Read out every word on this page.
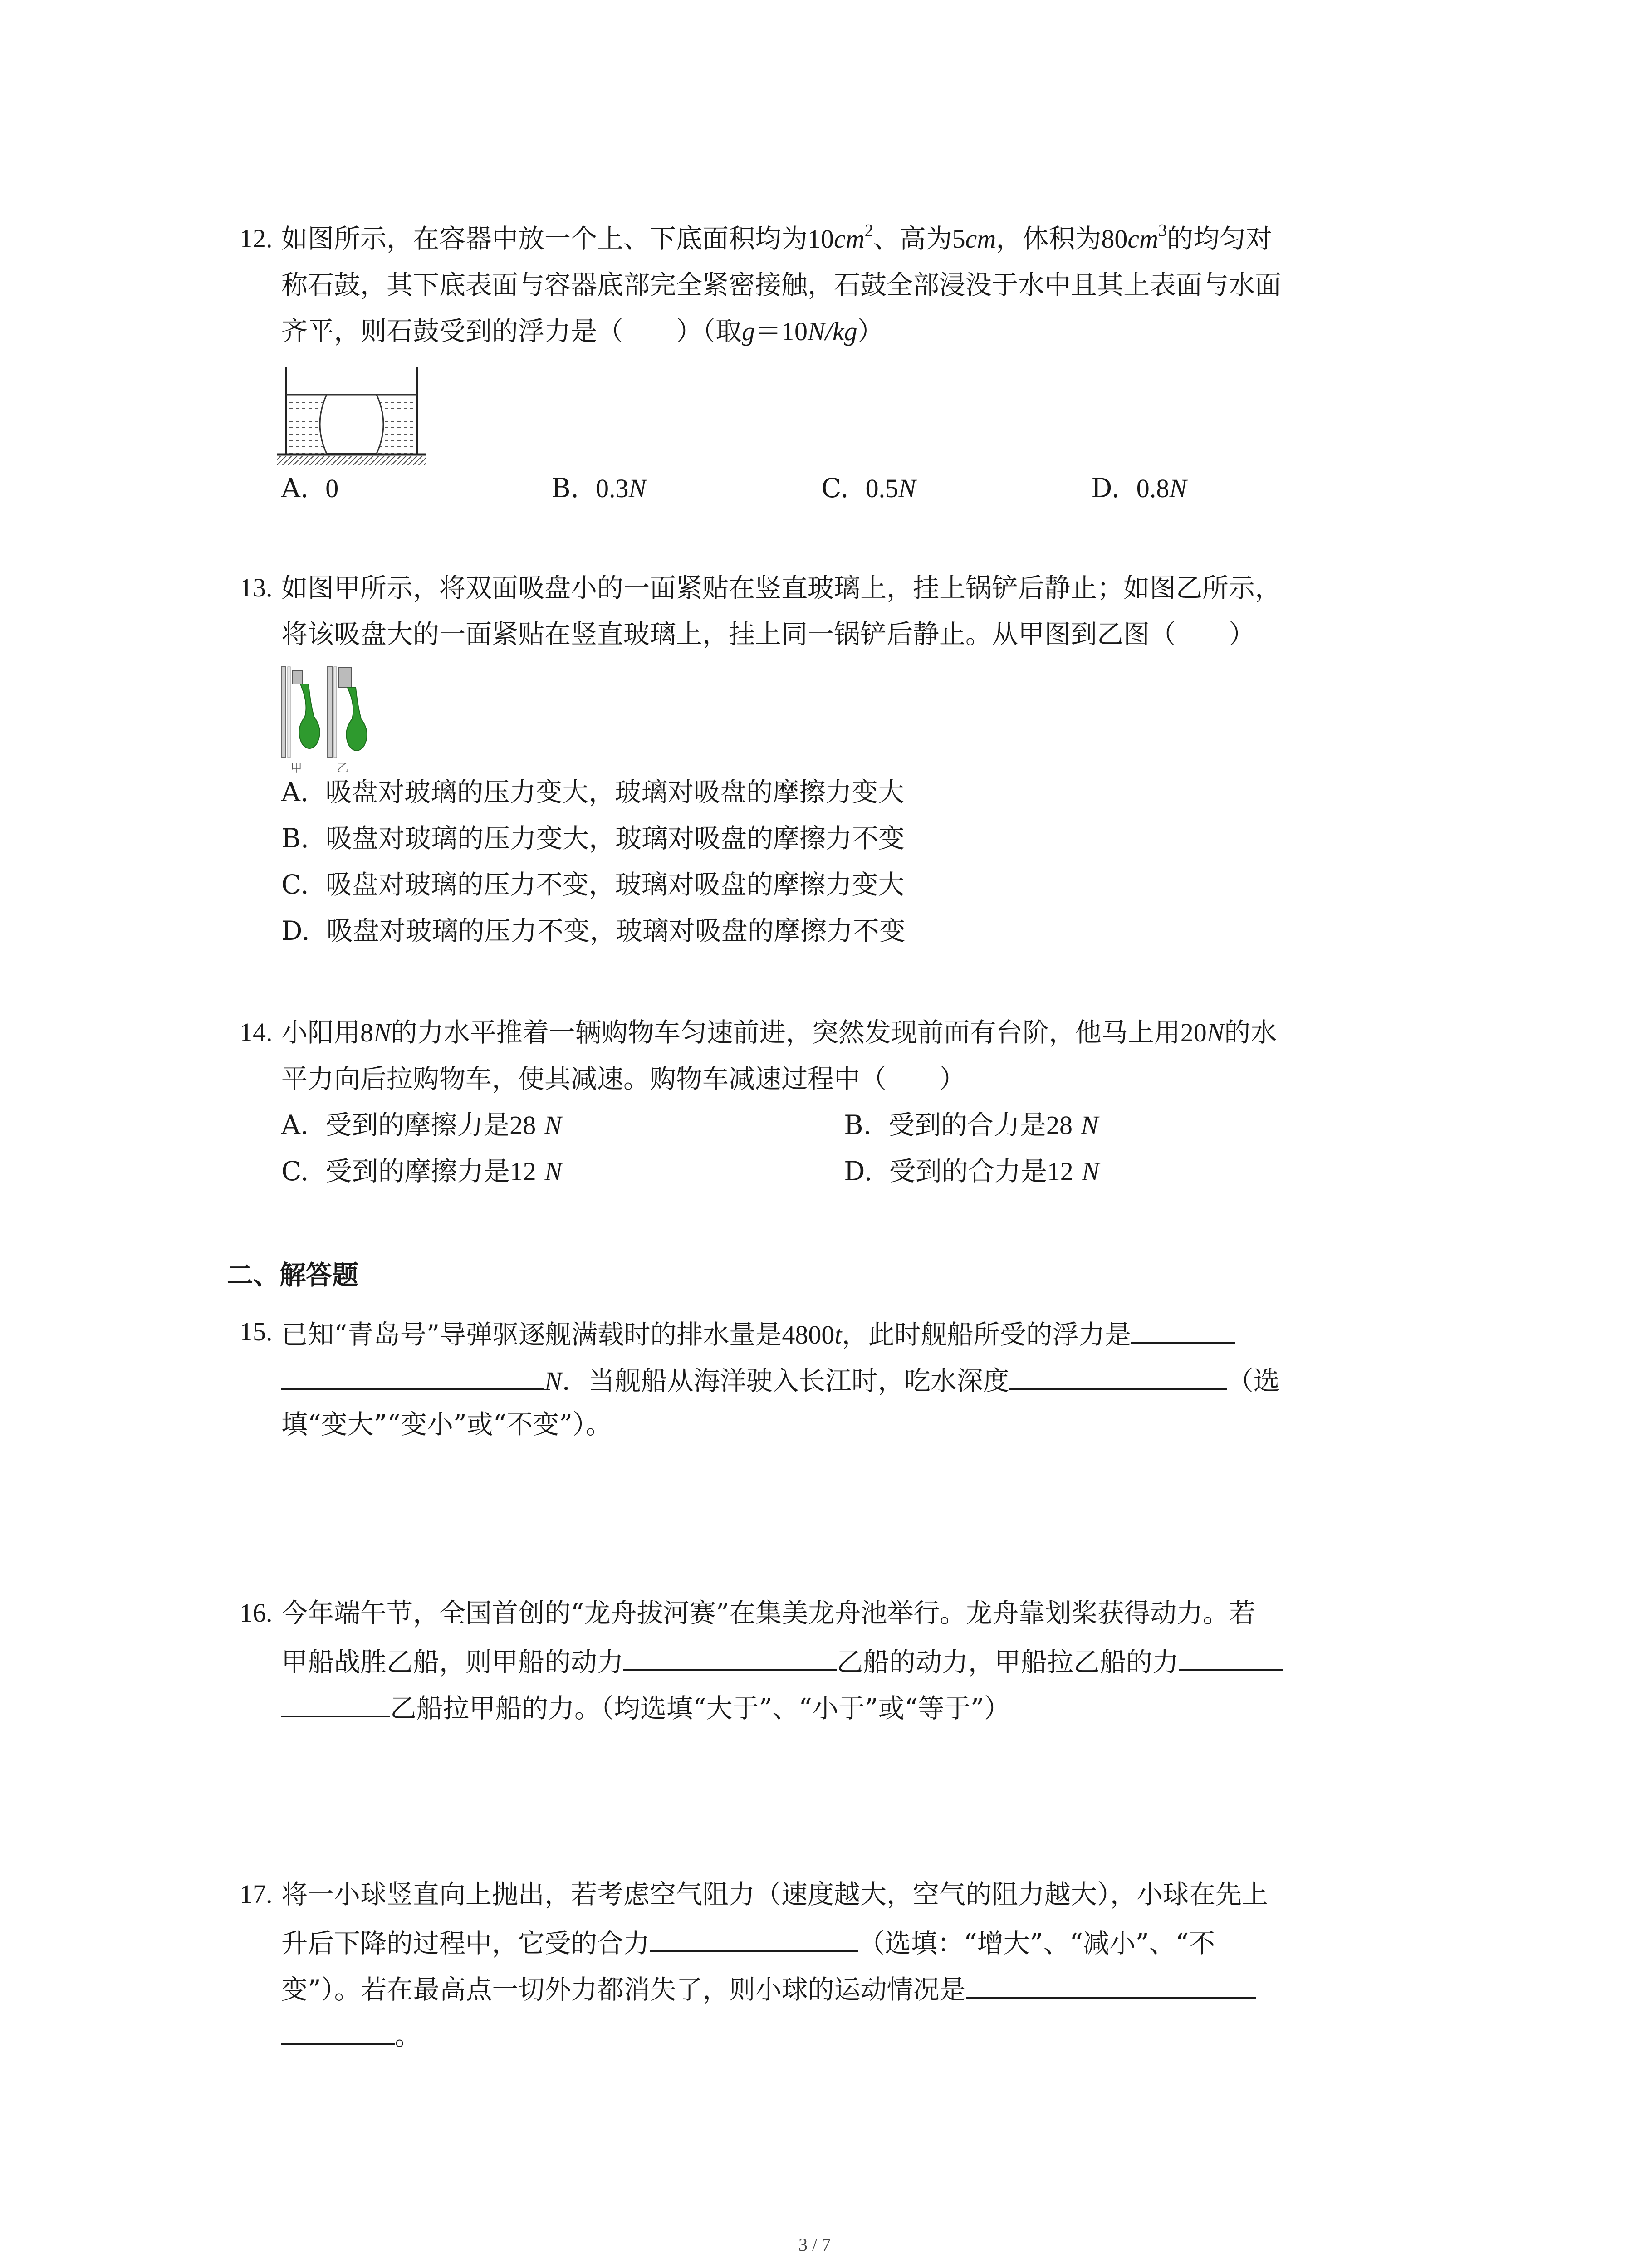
12. 如图所示，在容器中放一个上、下底面积均为$10cm^2$、高为5cm，体积为$80cm^3$的均匀对
称石鼓，其下底表面与容器底部完全紧密接触，石鼓全部浸没于水中且其上表面与水面
齐平，则石鼓受到的浮力是（　　）（取g＝10N/kg）
A. 0	B. 0.3N	C. 0.5N	D. 0.8N
13. 如图甲所示，将双面吸盘小的一面紧贴在竖直玻璃上，挂上锅铲后静止；如图乙所示，
将该吸盘大的一面紧贴在竖直玻璃上，挂上同一锅铲后静止。从甲图到乙图（　　）
甲	乙
A. 吸盘对玻璃的压力变大，玻璃对吸盘的摩擦力变大
B. 吸盘对玻璃的压力变大，玻璃对吸盘的摩擦力不变
C. 吸盘对玻璃的压力不变，玻璃对吸盘的摩擦力变大
D. 吸盘对玻璃的压力不变，玻璃对吸盘的摩擦力不变
14. 小阳用8N的力水平推着一辆购物车匀速前进，突然发现前面有台阶，他马上用20N的水
平力向后拉购物车，使其减速。购物车减速过程中（　　）
A. 受到的摩擦力是28 N	B. 受到的合力是28 N
C. 受到的摩擦力是12 N	D. 受到的合力是12 N
二、解答题
15. 已知“青岛号”导弹驱逐舰满载时的排水量是4800t，此时舰船所受的浮力是
N．当舰船从海洋驶入长江时，吃水深度	（选
填“变大”“变小”或“不变”）。
16. 今年端午节，全国首创的“龙舟拔河赛”在集美龙舟池举行。龙舟靠划桨获得动力。若
甲船战胜乙船，则甲船的动力	乙船的动力，甲船拉乙船的力
乙船拉甲船的力。（均选填“大于”、“小于”或“等于”）
17. 将一小球竖直向上抛出，若考虑空气阻力（速度越大，空气的阻力越大），小球在先上
升后下降的过程中，它受的合力	（选填：“增大”、“减小”、“不
变”）。若在最高点一切外力都消失了，则小球的运动情况是
。
3 / 7
